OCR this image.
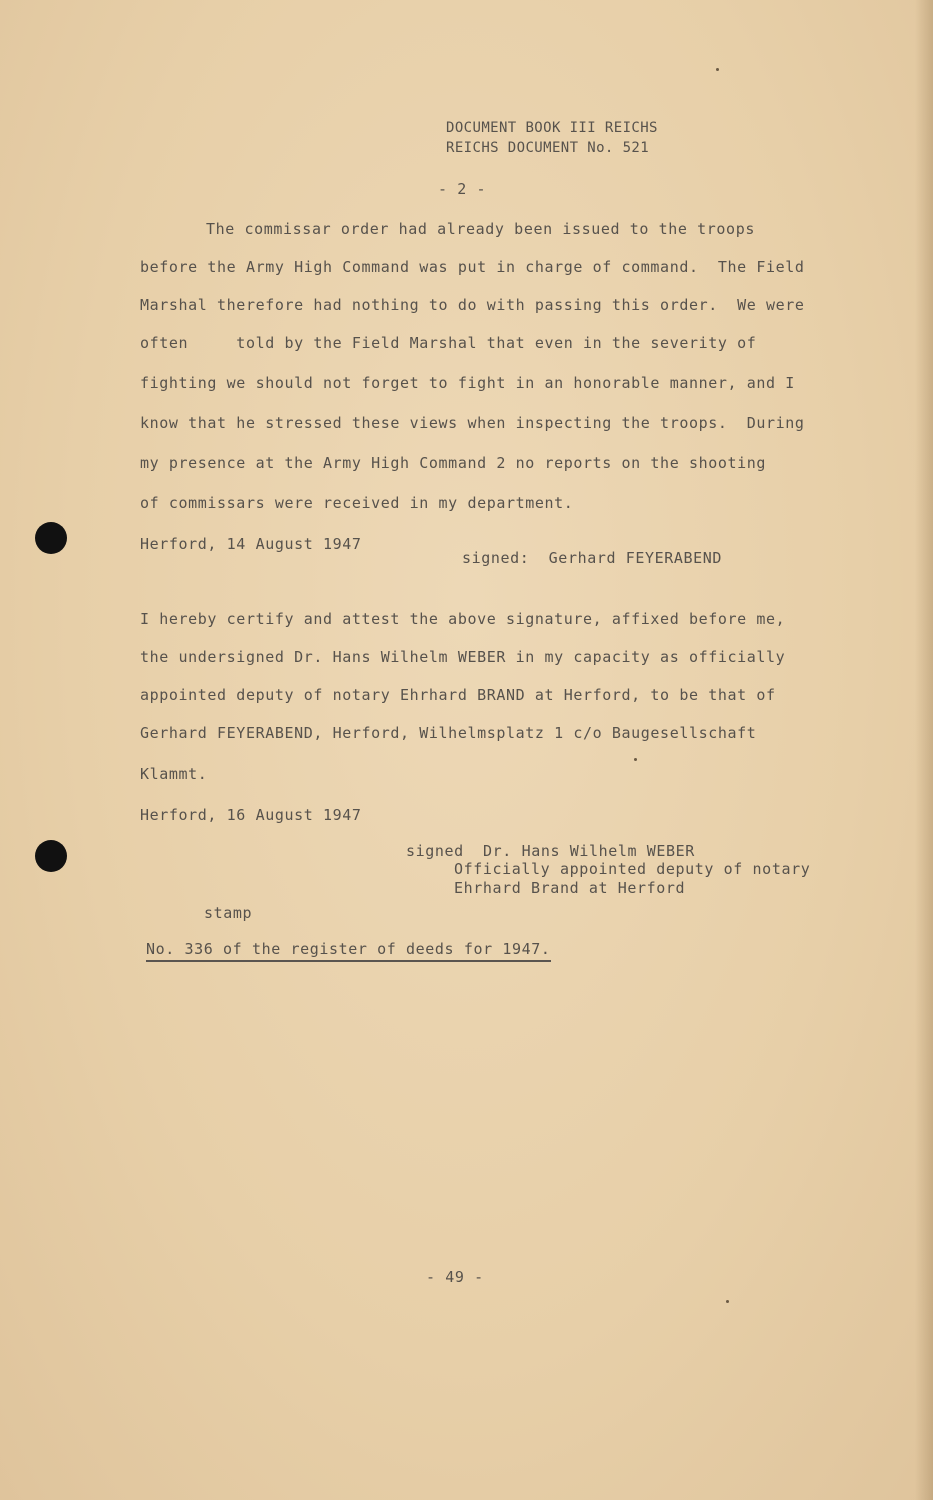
DOCUMENT BOOK III REICHS
REICHS DOCUMENT No. 521
- 2 -
The commissar order had already been issued to the troops
before the Army High Command was put in charge of command.  The Field
Marshal therefore had nothing to do with passing this order.  We were
often     told by the Field Marshal that even in the severity of
fighting we should not forget to fight in an honorable manner, and I
know that he stressed these views when inspecting the troops.  During
my presence at the Army High Command 2 no reports on the shooting
of commissars were received in my department.
Herford, 14 August 1947
signed:  Gerhard FEYERABEND
I hereby certify and attest the above signature, affixed before me,
the undersigned Dr. Hans Wilhelm WEBER in my capacity as officially
appointed deputy of notary Ehrhard BRAND at Herford, to be that of
Gerhard FEYERABEND, Herford, Wilhelmsplatz 1 c/o Baugesellschaft
Klammt.
Herford, 16 August 1947
signed  Dr. Hans Wilhelm WEBER
Officially appointed deputy of notary
Ehrhard Brand at Herford
stamp
No. 336 of the register of deeds for 1947.
- 49 -
